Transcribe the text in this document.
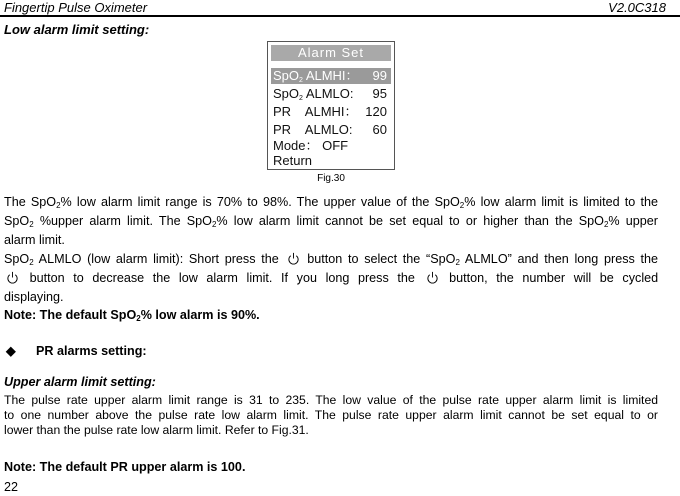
Fingertip Pulse Oximeter	V2.0C318
Low alarm limit setting:
Alarm Set
SpO$_2$ ALMHI： 99
SpO$_2$ ALMLO: 95
PR    ALMHI： 120
PR    ALMLO: 60
Mode： OFF
Return
Fig.30
The SpO$_2$% low alarm limit range is 70% to 98%. The upper value of the SpO$_2$% low alarm limit is limited to the
SpO$_2$ %upper alarm limit. The SpO$_2$% low alarm limit cannot be set equal to or higher than the SpO$_2$% upper
alarm limit.
SpO$_2$ ALMLO (low alarm limit): Short press the button to select the “SpO$_2$ ALMLO” and then long press the
button to decrease the low alarm limit. If you long press the	button, the number will be cycled
displaying.
Note: The default SpO$_2$% low alarm is 90%.
◆ PR alarms setting:
Upper alarm limit setting:
The pulse rate upper alarm limit range is 31 to 235. The low value of the pulse rate upper alarm limit is limited
to one number above the pulse rate low alarm limit. The pulse rate upper alarm limit cannot be set equal to or
lower than the pulse rate low alarm limit. Refer to Fig.31.
Note: The default PR upper alarm is 100.
22
